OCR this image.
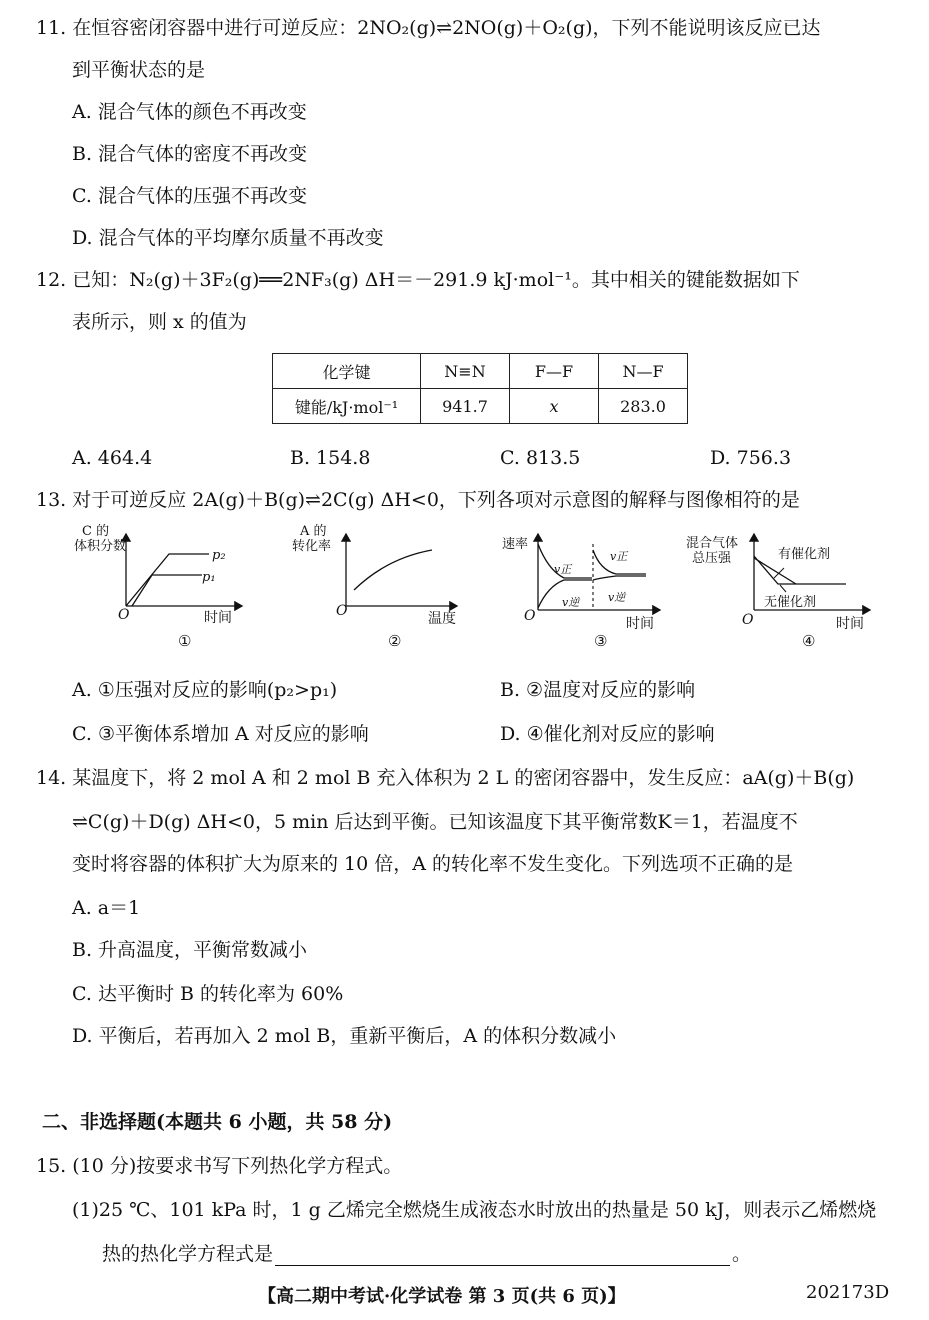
11. 在恒容密闭容器中进行可逆反应：2NO₂(g)⇌2NO(g)＋O₂(g)，下列不能说明该反应已达
到平衡状态的是
A. 混合气体的颜色不再改变
B. 混合气体的密度不再改变
C. 混合气体的压强不再改变
D. 混合气体的平均摩尔质量不再改变
12. 已知：N₂(g)＋3F₂(g)══2NF₃(g) ΔH＝－291.9 kJ·mol⁻¹。其中相关的键能数据如下
表所示，则 x 的值为
化学键	N≡N	F—F	N—F
键能/kJ·mol⁻¹	941.7	x	283.0
A. 464.4	B. 154.8	C. 813.5	D. 756.3
13. 对于可逆反应 2A(g)＋B(g)⇌2C(g) ΔH<0，下列各项对示意图的解释与图像相符的是
C 的
体积分数
p₂
p₁
O	时间
①
A 的
转化率
O	温度
②
速率
v正
v逆
v正
v逆
O	时间
③
混合气体
总压强	有催化剂
无催化剂
O	时间
④
A. ①压强对反应的影响(p₂>p₁)	B. ②温度对反应的影响
C. ③平衡体系增加 A 对反应的影响	D. ④催化剂对反应的影响
14. 某温度下，将 2 mol A 和 2 mol B 充入体积为 2 L 的密闭容器中，发生反应：aA(g)＋B(g)
⇌C(g)＋D(g) ΔH<0，5 min 后达到平衡。已知该温度下其平衡常数K＝1，若温度不
变时将容器的体积扩大为原来的 10 倍，A 的转化率不发生变化。下列选项不正确的是
A. a＝1
B. 升高温度，平衡常数减小
C. 达平衡时 B 的转化率为 60%
D. 平衡后，若再加入 2 mol B，重新平衡后，A 的体积分数减小
二、非选择题(本题共 6 小题，共 58 分)
15. (10 分)按要求书写下列热化学方程式。
(1)25 ℃、101 kPa 时，1 g 乙烯完全燃烧生成液态水时放出的热量是 50 kJ，则表示乙烯燃烧
热的热化学方程式是	。
【高二期中考试·化学试卷 第 3 页(共 6 页)】	202173D
